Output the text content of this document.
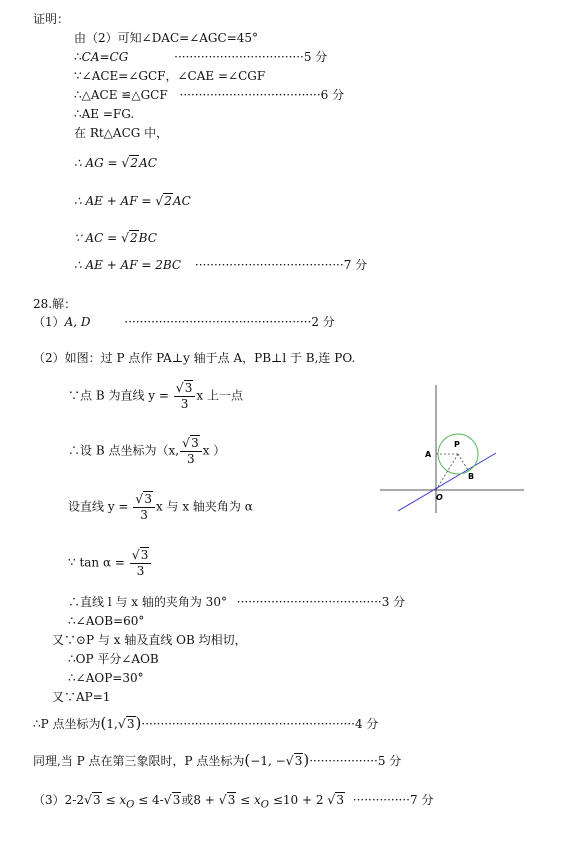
证明：
由（2）可知∠DAC=∠AGC=45°
∴CA=CG	··································5 分
∵∠ACE=∠GCF，∠CAE =∠CGF
∴△ACE ≌△GCF ·····································6 分
∴AE =FG.
在 Rt△ACG 中，
∴ AG = √2AC
∴ AE + AF = √2AC
∵ AC = √2BC
∴ AE + AF = 2BC ·······································7 分
28.解：
（1）A, D	·················································2 分
（2）如图：过 P 点作 PA⊥y 轴于点 A，PB⊥l 于 B,连 PO.
∵点 B 为直线 $y = \frac{√3}{3}$ x 上一点
∴设 B 点坐标为（x, $\frac{√3}{3}$ x ）
设直线 $y = \frac{√3}{3}$ x 与 x 轴夹角为 α
∵ $\tan \alpha = \frac{√3}{3}$
∴直线 l 与 x 轴的夹角为 30° ······································3 分
∴∠AOB=60°
又∵⊙P 与 x 轴及直线 OB 均相切，
∴OP 平分∠AOB
∴∠AOP=30°
又∵AP=1
∴P 点坐标为(1,√3)························································4 分
同理,当 P 点在第三象限时，P 点坐标为(−1, −√3)··················5 分
$(3)2-2√3 \le x_O \le 4-√3$或$8 + √3 \le x_O \le 10 + 2$ √3 ···············7 分
P
A
B
O
